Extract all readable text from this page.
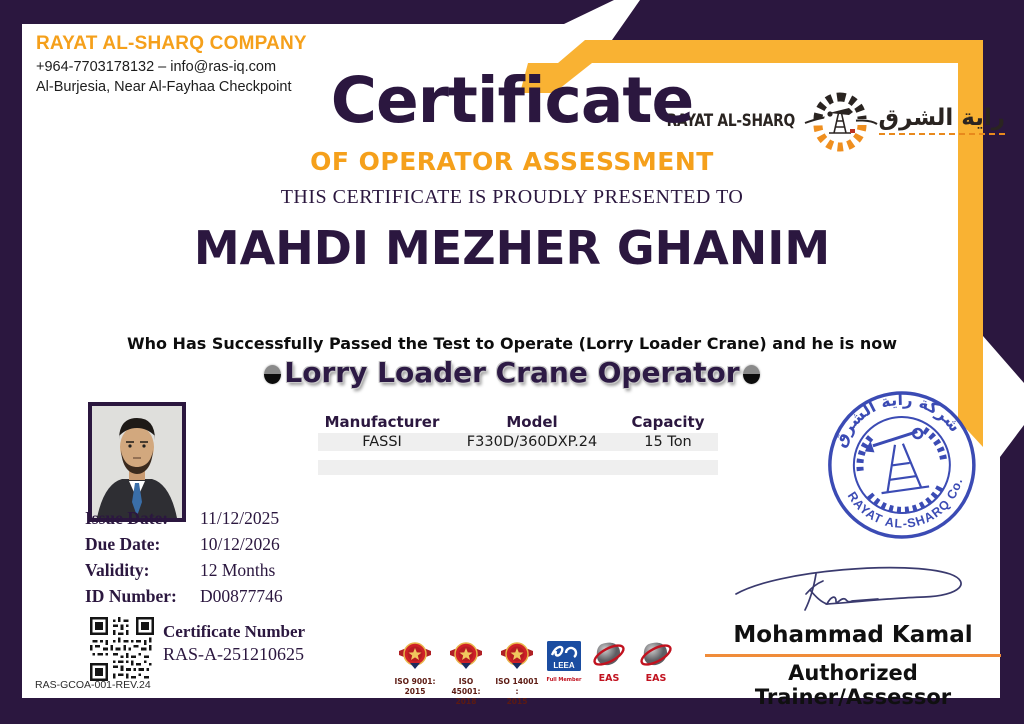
RAYAT AL-SHARQ COMPANY
+964-7703178132 – info@ras-iq.com
Al-Burjesia, Near Al-Fayhaa Checkpoint
RAYAT AL-SHARQ	راية الشرق
Certificate
OF OPERATOR ASSESSMENT
THIS CERTIFICATE IS PROUDLY PRESENTED TO
MAHDI MEZHER GHANIM
Who Has Successfully Passed the Test to Operate (Lorry Loader Crane) and he is now
Lorry Loader Crane Operator
Manufacturer	Model	Capacity
FASSI	F330D/360DXP.24	15 Ton
Issue Date: 11/12/2025
Due Date: 10/12/2026
Validity:	12 Months
ID Number: D00877746
Certificate Number
RAS-A-251210625
ISO 9001:
2015
ISO 45001:
2018
ISO 14001 :
2015
LEEA
Full Member	EAS	EAS
شركة راية الشرق
RAYAT AL-SHARQ Co.
Mohammad Kamal
Authorized Trainer/Assessor
RAS-GCOA-001-REV.24
